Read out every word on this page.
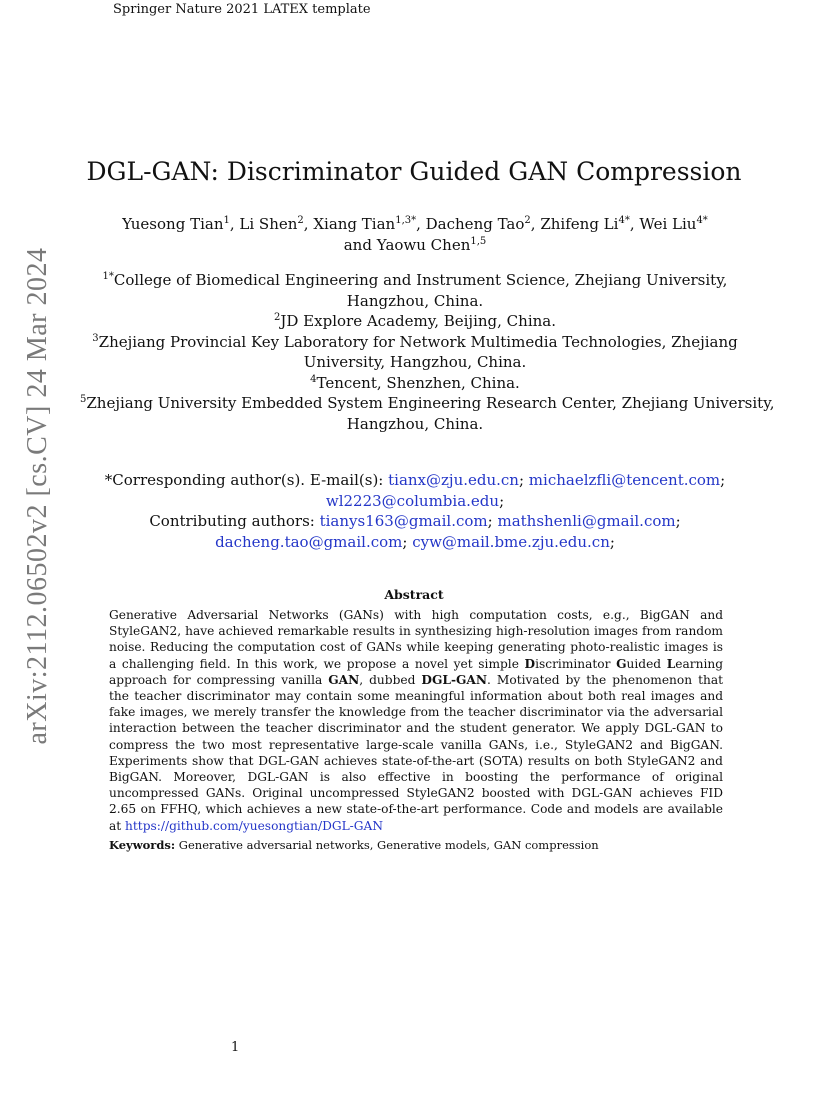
Springer Nature 2021 LATEX template
arXiv:2112.06502v2 [cs.CV] 24 Mar 2024
DGL-GAN: Discriminator Guided GAN Compression
Yuesong Tian$^1$, Li Shen$^2$, Xiang Tian$^{1,3*}$, Dacheng Tao$^2$, Zhifeng $Li^{4*}$, Wei Liu$^{4*}$
and Yaowu Chen$^{1,5}$
$^{1*}$College of Biomedical Engineering and Instrument Science, Zhejiang University,
Hangzhou, China.
$^2$JD Explore Academy, Beijing, China.
$^3$Zhejiang Provincial Key Laboratory for Network Multimedia Technologies, Zhejiang
University, Hangzhou, China.
$^4$Tencent, Shenzhen, China.
$^5$Zhejiang University Embedded System Engineering Research Center, Zhejiang University,
Hangzhou, China.
*Corresponding author(s). E-mail(s): tianx@zju.edu.cn; michaelzfli@tencent.com;
wl2223@columbia.edu;
Contributing authors: tianys163@gmail.com; mathshenli@gmail.com;
dacheng.tao@gmail.com; cyw@mail.bme.zju.edu.cn;
Abstract
Generative Adversarial Networks (GANs) with high computation costs, e.g., BigGAN and StyleGAN2, have achieved remarkable results in synthesizing high-resolution images from random noise. Reducing the computation cost of GANs while keeping generating photo-realistic images is a challenging field. In this work, we propose a novel yet simple Discriminator Guided Learning approach for compressing vanilla GAN, dubbed DGL-GAN. Motivated by the phenomenon that the teacher discriminator may contain some meaningful information about both real images and fake images, we merely transfer the knowledge from the teacher discriminator via the adversarial interaction between the teacher discriminator and the student generator. We apply DGL-GAN to compress the two most representative large-scale vanilla GANs, i.e., StyleGAN2 and BigGAN. Experiments show that DGL-GAN achieves state-of-the-art (SOTA) results on both StyleGAN2 and BigGAN. Moreover, DGL-GAN is also effective in boosting the performance of original uncompressed GANs. Original uncompressed StyleGAN2 boosted with DGL-GAN achieves FID 2.65 on FFHQ, which achieves a new state-of-the-art performance. Code and models are available at https://github.com/yuesongtian/DGL-GAN
Keywords: Generative adversarial networks, Generative models, GAN compression
1
